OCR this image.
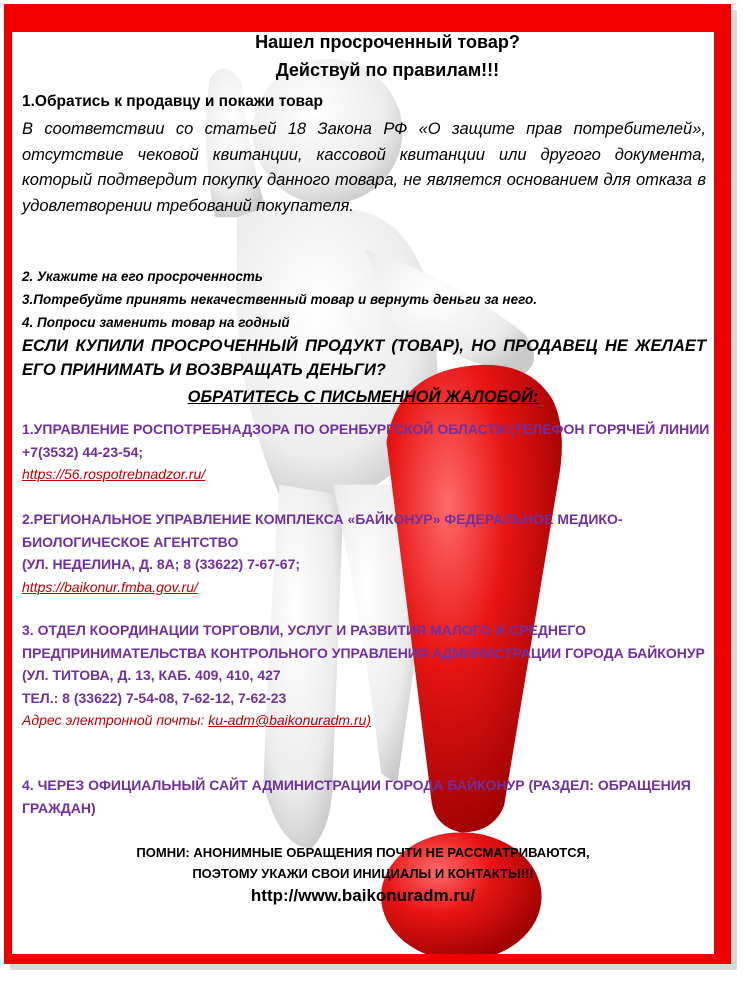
Нашел просроченный товар?
Действуй по правилам!!!
1.Обратись к продавцу и покажи товар
В соответствии со статьей 18 Закона РФ «О защите прав потребителей», отсутствие чековой квитанции, кассовой квитанции или другого документа, который подтвердит покупку данного товара, не является основанием для отказа в удовлетворении требований покупателя.
2. Укажите на его просроченность
3.Потребуйте принять некачественный товар и вернуть деньги за него.
4. Попроси заменить товар на годный
ЕСЛИ КУПИЛИ ПРОСРОЧЕННЫЙ ПРОДУКТ (ТОВАР), НО ПРОДАВЕЦ НЕ ЖЕЛАЕТ ЕГО ПРИНИМАТЬ И ВОЗВРАЩАТЬ ДЕНЬГИ?
ОБРАТИТЕСЬ С ПИСЬМЕННОЙ ЖАЛОБОЙ:
1.УПРАВЛЕНИЕ РОСПОТРЕБНАДЗОРА ПО ОРЕНБУРГСКОЙ ОБЛАСТИ (ТЕЛЕФОН ГОРЯЧЕЙ ЛИНИИ +7(3532) 44-23-54;
https://56.rospotrebnadzor.ru/
2.РЕГИОНАЛЬНОЕ УПРАВЛЕНИЕ КОМПЛЕКСА «БАЙКОНУР» ФЕДЕРАЛЬНОЕ МЕДИКО-БИОЛОГИЧЕСКОЕ АГЕНТСТВО
(УЛ. НЕДЕЛИНА, Д. 8А; 8 (33622) 7-67-67;
https://baikonur.fmba.gov.ru/
3. ОТДЕЛ КООРДИНАЦИИ ТОРГОВЛИ, УСЛУГ И РАЗВИТИЯ МАЛОГО И СРЕДНЕГО ПРЕДПРИНИМАТЕЛЬСТВА КОНТРОЛЬНОГО УПРАВЛЕНИЯ АДМИНИСТРАЦИИ ГОРОДА БАЙКОНУР
(УЛ. ТИТОВА, Д. 13, КАБ. 409, 410, 427
ТЕЛ.: 8 (33622) 7-54-08, 7-62-12, 7-62-23
Адрес электронной почты: ku-adm@baikonuradm.ru)
4. ЧЕРЕЗ ОФИЦИАЛЬНЫЙ САЙТ АДМИНИСТРАЦИИ ГОРОДА БАЙКОНУР (РАЗДЕЛ: ОБРАЩЕНИЯ ГРАЖДАН)
ПОМНИ: АНОНИМНЫЕ ОБРАЩЕНИЯ ПОЧТИ НЕ РАССМАТРИВАЮТСЯ,
ПОЭТОМУ УКАЖИ СВОИ ИНИЦИАЛЫ И КОНТАКТЫ!!!
http://www.baikonuradm.ru/
